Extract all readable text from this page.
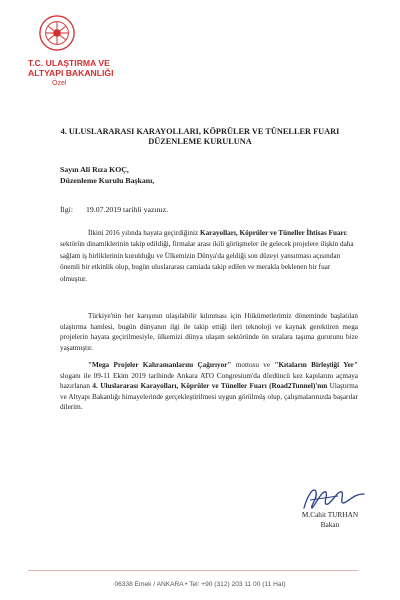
T.C. ULAŞTIRMA VE
ALTYAPI BAKANLIĞI
Özel
4. ULUSLARARASI KARAYOLLARI, KÖPRÜLER VE TÜNELLER FUARI
DÜZENLEME KURULUNA
Sayın Ali Rıza KOÇ,
Düzenleme Kurulu Başkanı,
İlgi: 19.07.2019 tarihli yazınız.
İlkini 2016 yılında hayata geçirdiğiniz Karayolları, Köprüler ve Tüneller İhtisas Fuarı: sektörün dinamiklerinin takip edildiği, firmalar arası ikili görüşmeler ile gelecek projelere ilişkin daha sağlam iş birliklerinin kurulduğu ve Ülkemizin Dünya'da geldiği son düzeyi yansıtması açısından önemli bir etkinlik olup, bugün uluslararası camiada takip edilen ve merakla beklenen bir fuar olmuştur.
Türkiye'nin her karışının ulaşılabilir kılınması için Hükümetlerimiz döneminde başlatılan ulaştırma hamlesi, bugün dünyanın ilgi ile takip ettiği ileri teknoloji ve kaynak gerektiren mega projelerin hayata geçirilmesiyle, ülkemizi dünya ulaşım sektöründe ön sıralara taşıma gururunu bize yaşatmıştır.
"Mega Projeler Kahramanlarını Çağırıyor" mottosu ve "Kıtaların Birleştiği Yer" sloganı ile 09-11 Ekim 2019 tarihinde Ankara ATO Congresium'da dördüncü kez kapılarını açmaya hazırlanan 4. Uluslararası Karayolları, Köprüler ve Tüneller Fuarı (Road2Tunnel)'nın Ulaştırma ve Altyapı Bakanlığı himayelerinde gerçekleştirilmesi uygun görülmüş olup, çalışmalarınızda başarılar dilerim.
M.Cahit TURHAN
Bakan
06338 Emek / ANKARA • Tel: +90 (312) 203 11 00 (11 Hat)
